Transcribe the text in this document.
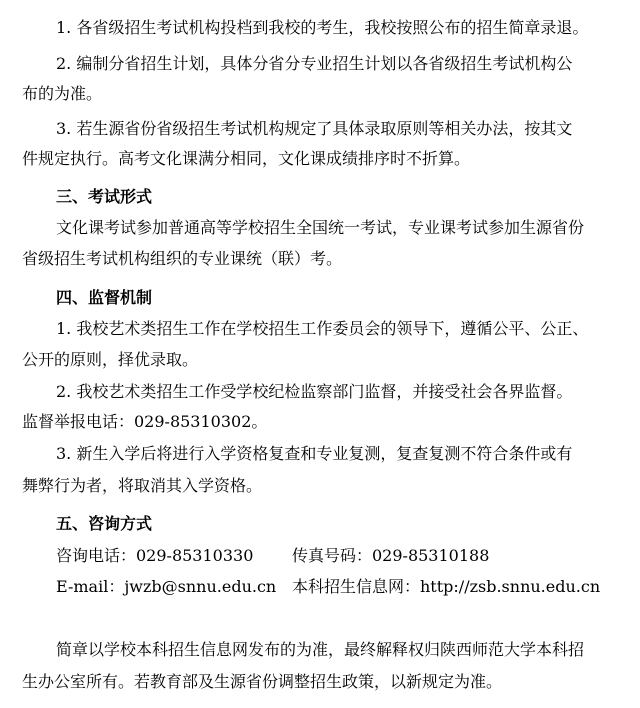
1. 各省级招生考试机构投档到我校的考生，我校按照公布的招生简章录退。
2. 编制分省招生计划，具体分省分专业招生计划以各省级招生考试机构公
布的为准。
3. 若生源省份省级招生考试机构规定了具体录取原则等相关办法，按其文
件规定执行。高考文化课满分相同，文化课成绩排序时不折算。
三、考试形式
文化课考试参加普通高等学校招生全国统一考试，专业课考试参加生源省份
省级招生考试机构组织的专业课统（联）考。
四、监督机制
1. 我校艺术类招生工作在学校招生工作委员会的领导下，遵循公平、公正、
公开的原则，择优录取。
2. 我校艺术类招生工作受学校纪检监察部门监督，并接受社会各界监督。
监督举报电话：029-85310302。
3. 新生入学后将进行入学资格复查和专业复测，复查复测不符合条件或有
舞弊行为者，将取消其入学资格。
五、咨询方式
咨询电话：029-85310330 传真号码：029-85310188
E-mail：jwzb@snnu.edu.cn 本科招生信息网：http://zsb.snnu.edu.cn
简章以学校本科招生信息网发布的为准，最终解释权归陕西师范大学本科招
生办公室所有。若教育部及生源省份调整招生政策，以新规定为准。
